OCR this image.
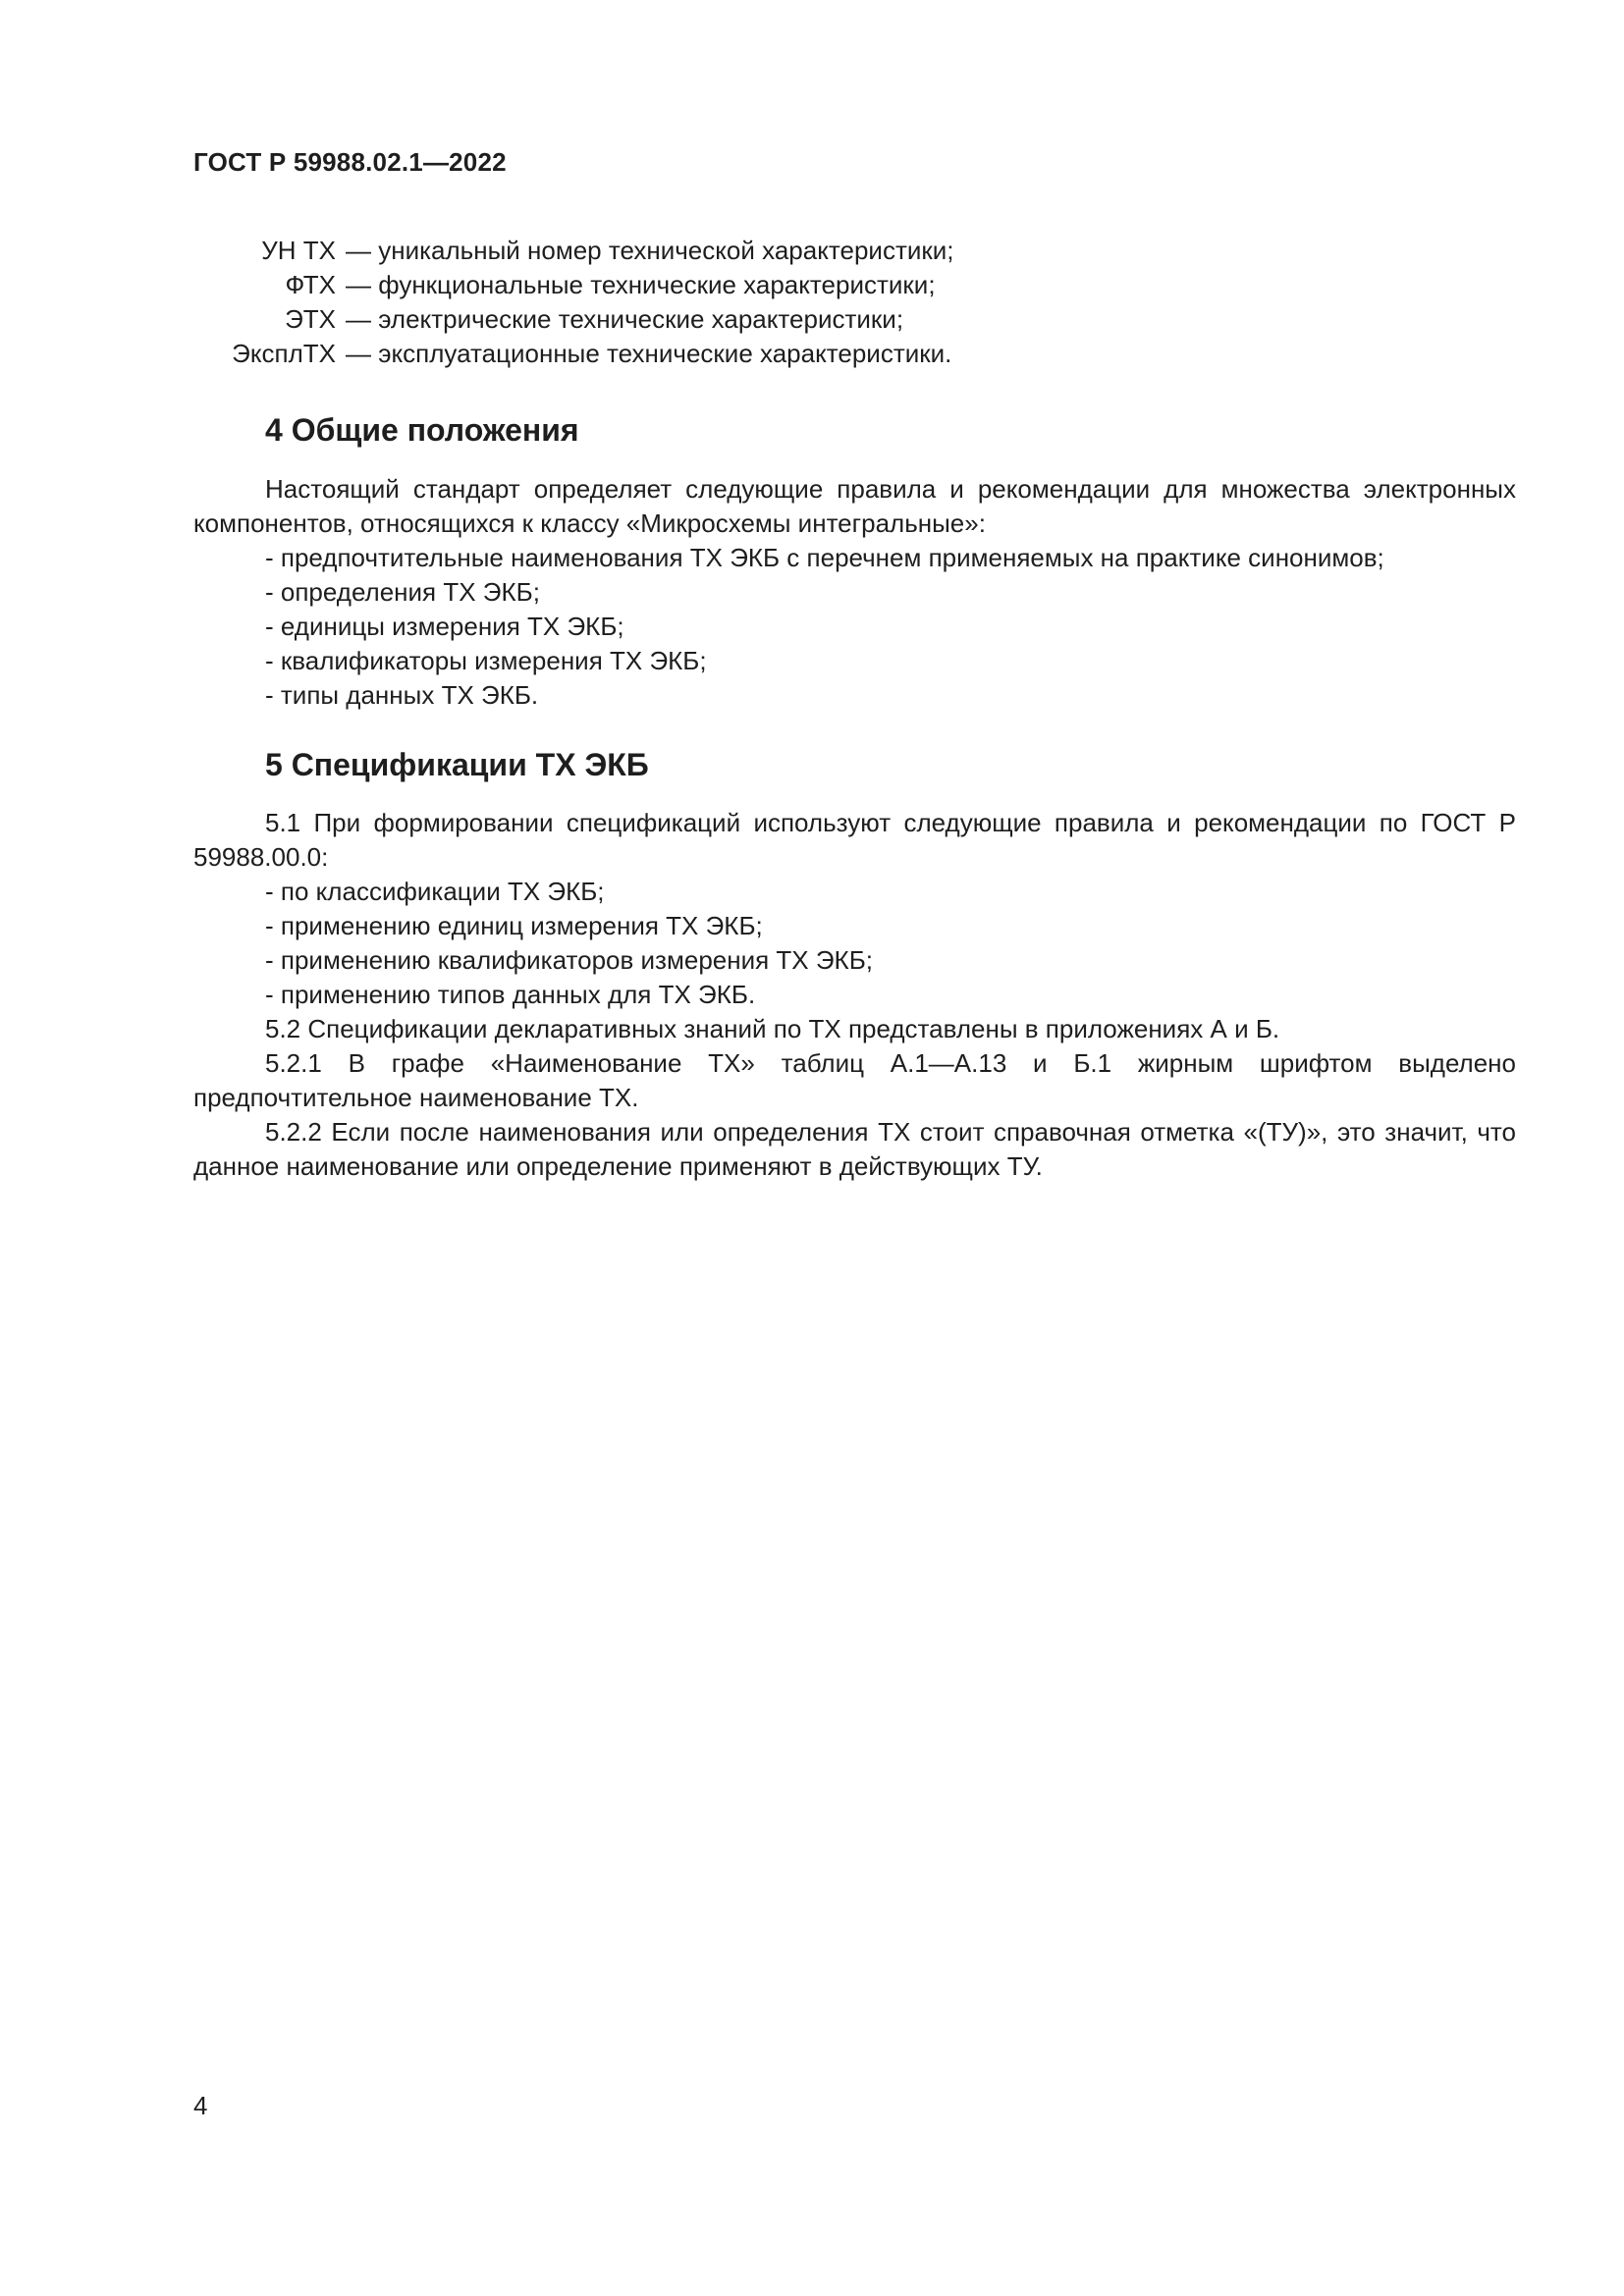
ГОСТ Р 59988.02.1—2022
УН ТХ — уникальный номер технической характеристики;
ФТХ — функциональные технические характеристики;
ЭТХ — электрические технические характеристики;
ЭксплТХ — эксплуатационные технические характеристики.
4 Общие положения

Настоящий стандарт определяет следующие правила и рекомендации для множества электронных компонентов, относящихся к классу «Микросхемы интегральные»:

- предпочтительные наименования ТХ ЭКБ с перечнем применяемых на практике синонимов;
- определения ТХ ЭКБ;
- единицы измерения ТХ ЭКБ;
- квалификаторы измерения ТХ ЭКБ;
- типы данных ТХ ЭКБ.
5 Спецификации ТХ ЭКБ

5.1 При формировании спецификаций используют следующие правила и рекомендации по ГОСТ Р 59988.00.0:

- по классификации ТХ ЭКБ;
- применению единиц измерения ТХ ЭКБ;
- применению квалификаторов измерения ТХ ЭКБ;
- применению типов данных для ТХ ЭКБ.

5.2 Спецификации декларативных знаний по ТХ представлены в приложениях А и Б.

5.2.1 В графе «Наименование ТХ» таблиц А.1—А.13 и Б.1 жирным шрифтом выделено предпочтительное наименование ТХ.

5.2.2 Если после наименования или определения ТХ стоит справочная отметка «(ТУ)», это значит, что данное наименование или определение применяют в действующих ТУ.

4
